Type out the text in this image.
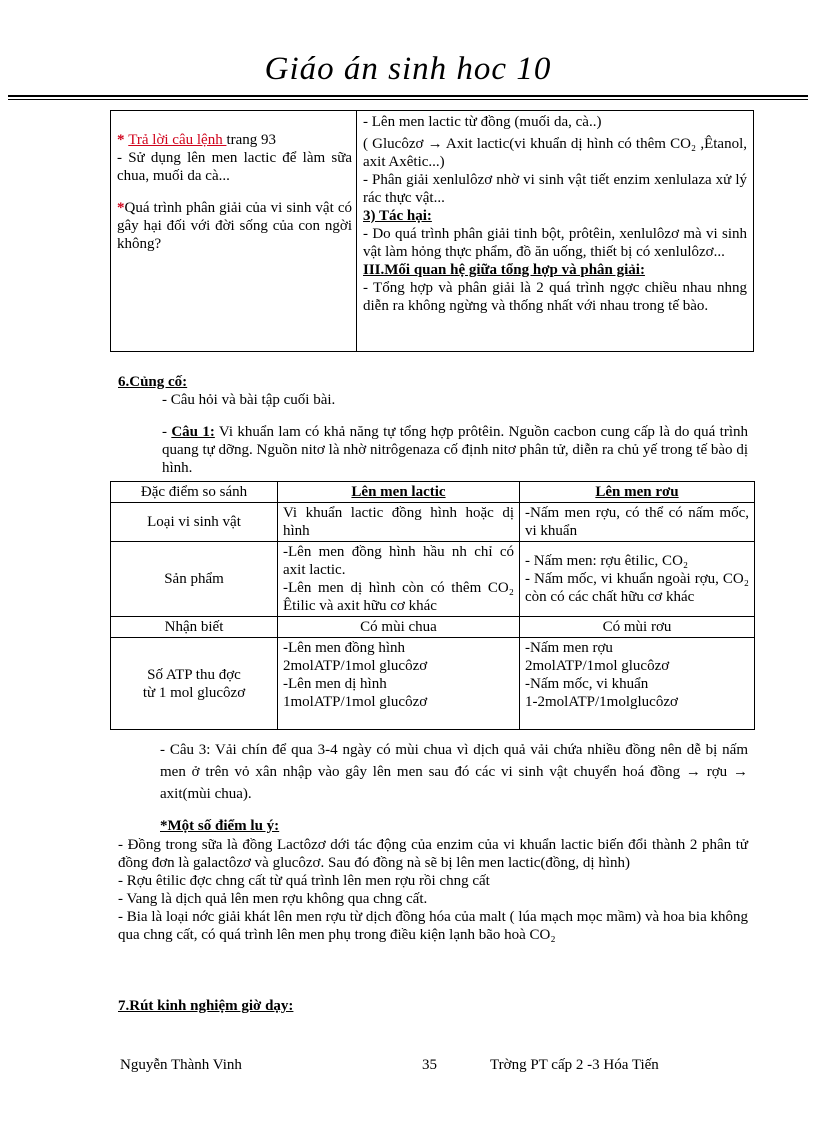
Giáo án sinh hoc 10

* Trả lời câu lệnh trang 93

- Sử dụng lên men lactic để làm sữa chua, muối da cà...

*Quá trình phân giải của vi sinh vật có gây hại đối với đời sống của con ngời không?

- Lên men lactic từ đồng (muối da, cà..)

( Glucôzơ → Axit lactic(vi khuẩn dị hình có thêm CO₂ ,Êtanol, axit Axêtic...)

- Phân giải xenlulôzơ nhờ vi sinh vật tiết enzim xenlulaza xử lý rác thực vật...

3) Tác hại:

- Do quá trình phân giải tinh bột, prôtêin, xenlulôzơ mà vi sinh vật làm hỏng thực phẩm, đồ ăn uống, thiết bị có xenlulôzơ...

III.Mối quan hệ giữa tổng hợp và phân giải:

- Tổng hợp và phân giải là 2 quá trình ngợc chiều nhau nhng diễn ra không ngừng và thống nhất với nhau trong tế bào.

6.Củng cố:

- Câu hỏi và bài tập cuối bài.

- Câu 1: Vi khuẩn lam có khả năng tự tổng hợp prôtêin. Nguồn cacbon cung cấp là do quá trình quang tự dỡng. Nguồn nitơ là nhờ nitrôgenaza cố định nitơ phân tử, diễn ra chủ yế trong tế bào dị hình.

Đặc điểm so sánh	Lên men lactic	Lên men rơu
Loại vi sinh vật	Vi khuẩn lactic đồng hình hoặc dị hình	-Nấm men rợu, có thể có nấm mốc, vi khuẩn
Sản phẩm	-Lên men đồng hình hầu nh chỉ có axit lactic.
-Lên men dị hình còn có thêm CO₂ Êtilic và axit hữu cơ khác	- Nấm men: rợu êtilic, CO₂
- Nấm mốc, vi khuẩn ngoài rợu, CO₂ còn có các chất hữu cơ khác
Nhận biết	Có mùi chua	Có mùi rơu
Số ATP thu đợc
từ 1 mol glucôzơ	-Lên men đồng hình
2molATP/1mol glucôzơ
-Lên men dị hình
1molATP/1mol glucôzơ	-Nấm men rợu
2molATP/1mol glucôzơ
-Nấm mốc, vi khuẩn
1-2molATP/1molglucôzơ

- Câu 3: Vải chín để qua 3-4 ngày có mùi chua vì dịch quả vải chứa nhiều đồng nên dễ bị nấm men ở trên vỏ xân nhập vào gây lên men sau đó các vi sinh vật chuyển hoá đồng → rợu → axit(mùi chua).

*Một số điểm lu ý:

- Đồng trong sữa là đồng Lactôzơ dới tác động của enzim của vi khuẩn lactic biến đổi thành 2 phân tử đồng đơn là galactôzơ và glucôzơ. Sau đó đồng nà sẽ bị lên men lactic(đồng, dị hình)

- Rợu êtilic đợc chng cất từ quá trình lên men rợu rồi chng cất

- Vang là dịch quả lên men rợu không qua chng cất.

- Bia là loại nớc giải khát lên men rợu từ dịch đồng hóa của malt ( lúa mạch mọc mầm) và hoa bia không qua chng cất, có quá trình lên men phụ trong điều kiện lạnh bão hoà CO₂

7.Rút kinh nghiệm giờ dạy:

Nguyễn Thành Vinh	35	Trờng PT cấp 2 -3 Hóa Tiến
